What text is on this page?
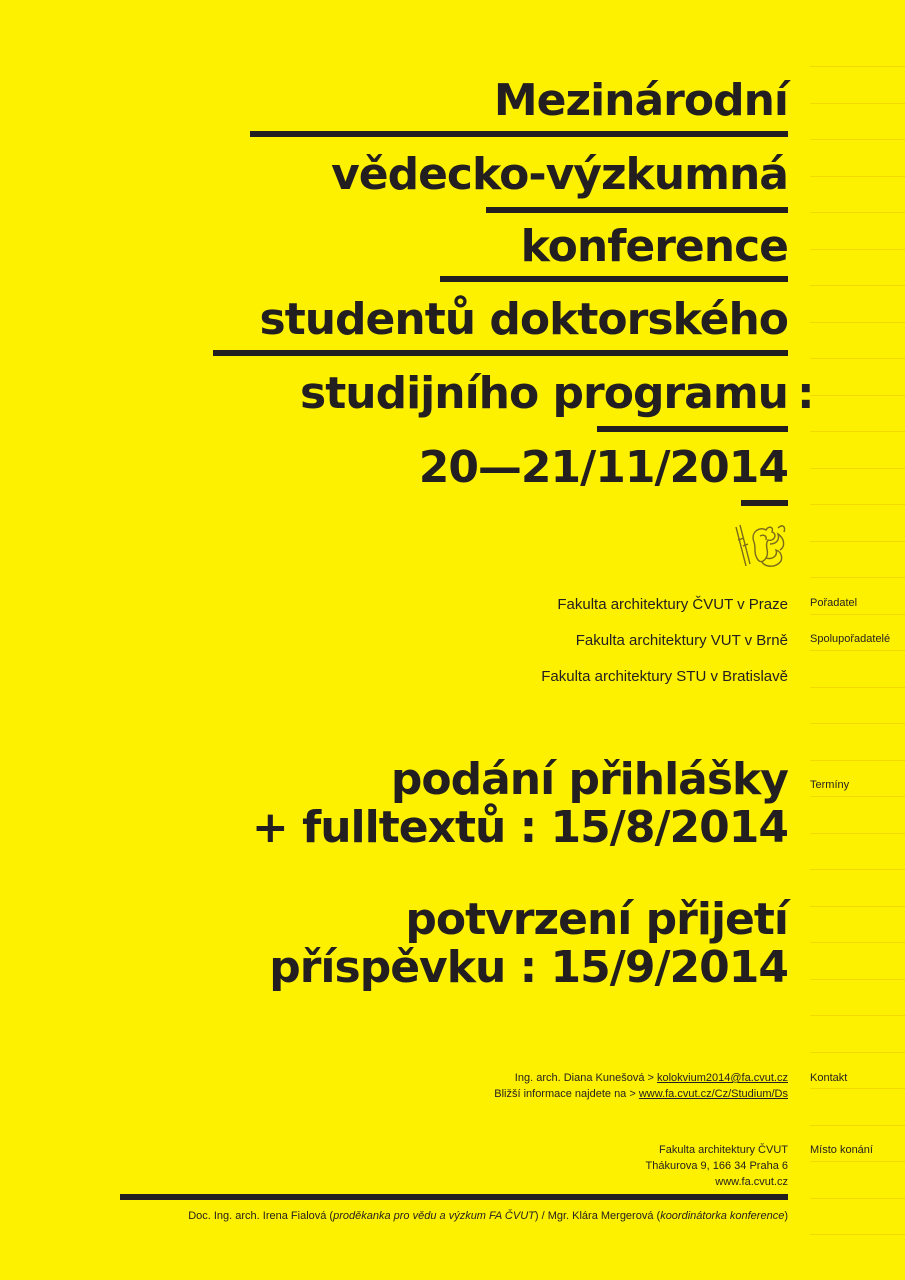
Mezinárodní
vědecko-výzkumná
konference
studentů doktorského
studijního programu :
20—21/11/2014
Fakulta architektury ČVUT v Praze
Fakulta architektury VUT v Brně
Fakulta architektury STU v Bratislavě
Pořadatel
Spolupořadatelé
podání přihlášky
+ fulltextů : 15/8/2014
potvrzení přijetí
příspěvku : 15/9/2014
Termíny
Ing. arch. Diana Kunešová > kolokvium2014@fa.cvut.cz
Bližší informace najdete na > www.fa.cvut.cz/Cz/Studium/Ds
Kontakt
Fakulta architektury ČVUT
Thákurova 9, 166 34 Praha 6
www.fa.cvut.cz
Místo konání
Doc. Ing. arch. Irena Fialová (proděkanka pro vědu a výzkum FA ČVUT) / Mgr. Klára Mergerová (koordinátorka konference)
